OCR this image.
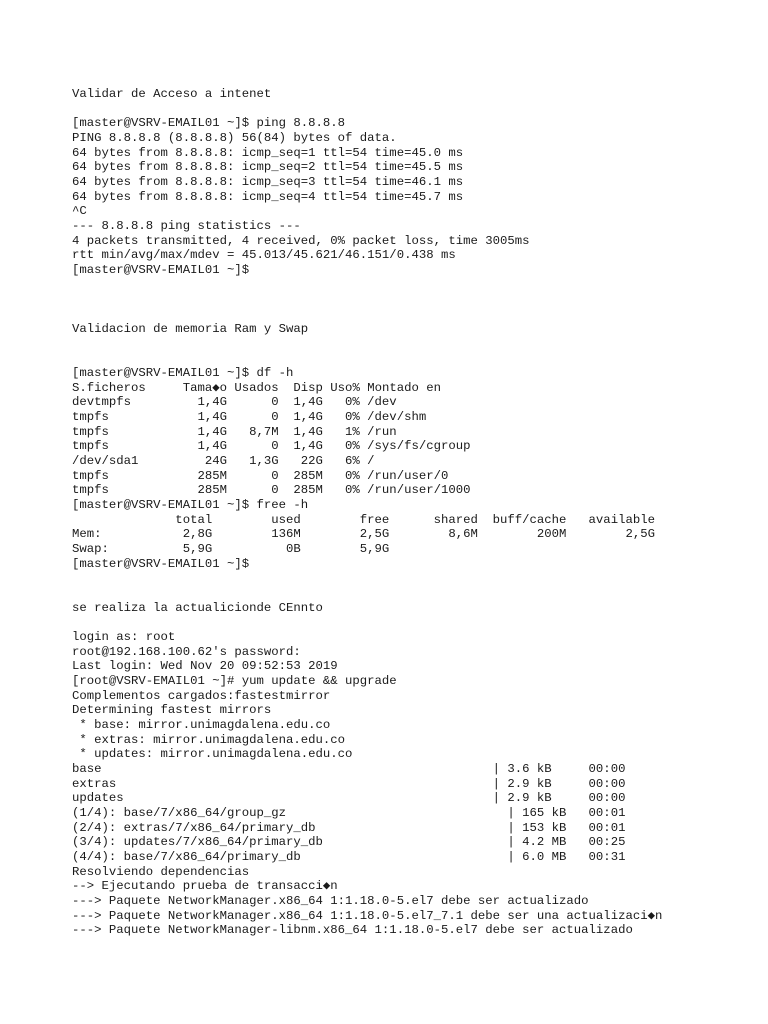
Validar de Acceso a intenet

[master@VSRV-EMAIL01 ~]$ ping 8.8.8.8

PING 8.8.8.8 (8.8.8.8) 56(84) bytes of data.

64 bytes from 8.8.8.8: icmp_seq=1 ttl=54 time=45.0 ms

64 bytes from 8.8.8.8: icmp_seq=2 ttl=54 time=45.5 ms

64 bytes from 8.8.8.8: icmp_seq=3 ttl=54 time=46.1 ms

64 bytes from 8.8.8.8: icmp_seq=4 ttl=54 time=45.7 ms

^C

--- 8.8.8.8 ping statistics ---

4 packets transmitted, 4 received, 0% packet loss, time 3005ms

rtt min/avg/max/mdev = 45.013/45.621/46.151/0.438 ms

[master@VSRV-EMAIL01 ~]$

Validacion de memoria Ram y Swap

[master@VSRV-EMAIL01 ~]$ df -h

S.ficheros     Tama◆o Usados  Disp Uso% Montado en

devtmpfs         1,4G      0  1,4G   0% /dev

tmpfs            1,4G      0  1,4G   0% /dev/shm

tmpfs            1,4G   8,7M  1,4G   1% /run

tmpfs            1,4G      0  1,4G   0% /sys/fs/cgroup

/dev/sda1         24G   1,3G   22G   6% /

tmpfs            285M      0  285M   0% /run/user/0

tmpfs            285M      0  285M   0% /run/user/1000

[master@VSRV-EMAIL01 ~]$ free -h

total        used        free      shared  buff/cache   available

Mem:           2,8G        136M        2,5G        8,6M        200M        2,5G

Swap:          5,9G          0B        5,9G

[master@VSRV-EMAIL01 ~]$

se realiza la actualicionde CEnnto

login as: root

root@192.168.100.62's password:

Last login: Wed Nov 20 09:52:53 2019

[root@VSRV-EMAIL01 ~]# yum update && upgrade

Complementos cargados:fastestmirror

Determining fastest mirrors

* base: mirror.unimagdalena.edu.co

* extras: mirror.unimagdalena.edu.co

* updates: mirror.unimagdalena.edu.co

base                                                     | 3.6 kB     00:00

extras                                                   | 2.9 kB     00:00

updates                                                  | 2.9 kB     00:00

(1/4): base/7/x86_64/group_gz                              | 165 kB   00:01

(2/4): extras/7/x86_64/primary_db                          | 153 kB   00:01

(3/4): updates/7/x86_64/primary_db                         | 4.2 MB   00:25

(4/4): base/7/x86_64/primary_db                            | 6.0 MB   00:31

Resolviendo dependencias

--> Ejecutando prueba de transacci◆n

---> Paquete NetworkManager.x86_64 1:1.18.0-5.el7 debe ser actualizado

---> Paquete NetworkManager.x86_64 1:1.18.0-5.el7_7.1 debe ser una actualizaci◆n

---> Paquete NetworkManager-libnm.x86_64 1:1.18.0-5.el7 debe ser actualizado
